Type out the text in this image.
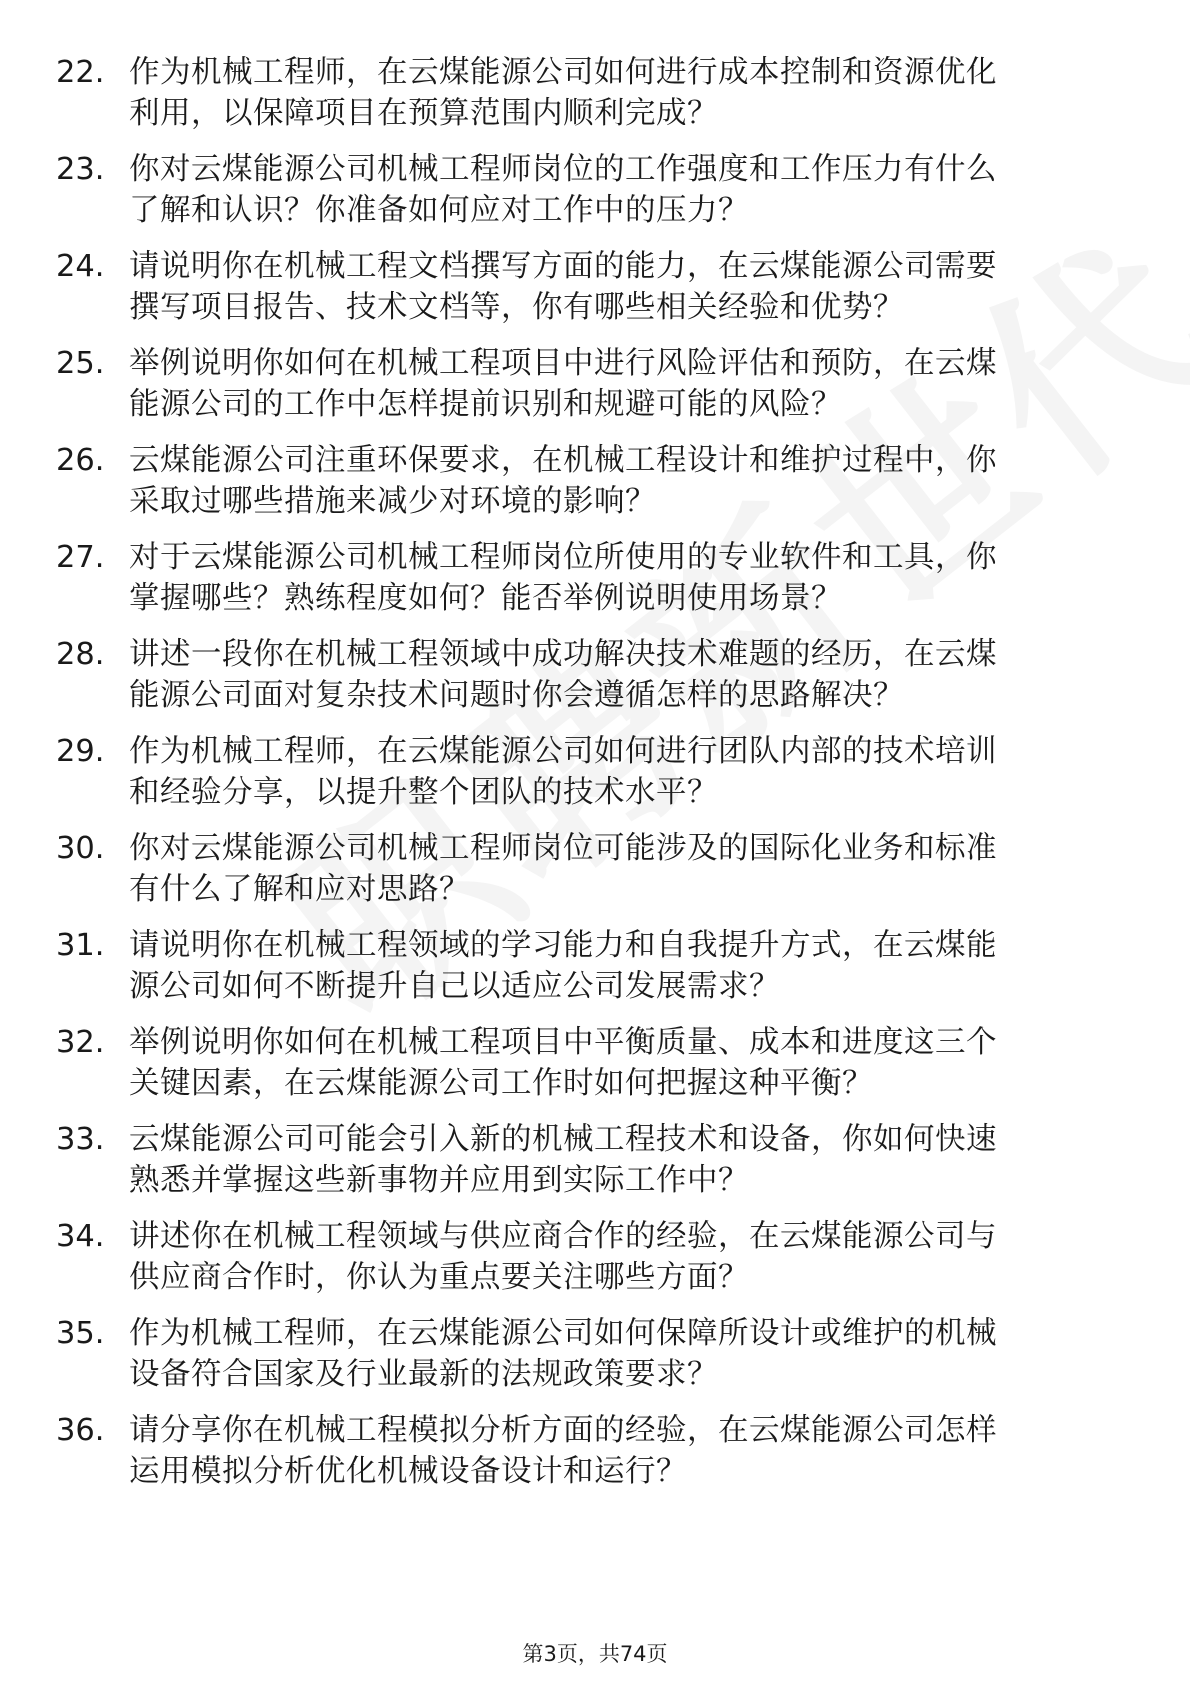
22. 作为机械工程师，在云煤能源公司如何进行成本控制和资源优化
利用，以保障项目在预算范围内顺利完成？
23. 你对云煤能源公司机械工程师岗位的工作强度和工作压力有什么
了解和认识？你准备如何应对工作中的压力？
24. 请说明你在机械工程文档撰写方面的能力，在云煤能源公司需要
撰写项目报告、技术文档等，你有哪些相关经验和优势？
25. 举例说明你如何在机械工程项目中进行风险评估和预防，在云煤
能源公司的工作中怎样提前识别和规避可能的风险？
26. 云煤能源公司注重环保要求，在机械工程设计和维护过程中，你
采取过哪些措施来减少对环境的影响？
27. 对于云煤能源公司机械工程师岗位所使用的专业软件和工具，你
掌握哪些？熟练程度如何？能否举例说明使用场景？
28. 讲述一段你在机械工程领域中成功解决技术难题的经历，在云煤
能源公司面对复杂技术问题时你会遵循怎样的思路解决？
29. 作为机械工程师，在云煤能源公司如何进行团队内部的技术培训
和经验分享，以提升整个团队的技术水平？
30. 你对云煤能源公司机械工程师岗位可能涉及的国际化业务和标准
有什么了解和应对思路？
31. 请说明你在机械工程领域的学习能力和自我提升方式，在云煤能
源公司如何不断提升自己以适应公司发展需求？
32. 举例说明你如何在机械工程项目中平衡质量、成本和进度这三个
关键因素，在云煤能源公司工作时如何把握这种平衡？
33. 云煤能源公司可能会引入新的机械工程技术和设备，你如何快速
熟悉并掌握这些新事物并应用到实际工作中？
34. 讲述你在机械工程领域与供应商合作的经验，在云煤能源公司与
供应商合作时，你认为重点要关注哪些方面？
35. 作为机械工程师，在云煤能源公司如何保障所设计或维护的机械
设备符合国家及行业最新的法规政策要求？
36. 请分享你在机械工程模拟分析方面的经验，在云煤能源公司怎样
运用模拟分析优化机械设备设计和运行？
第3页，共74页
